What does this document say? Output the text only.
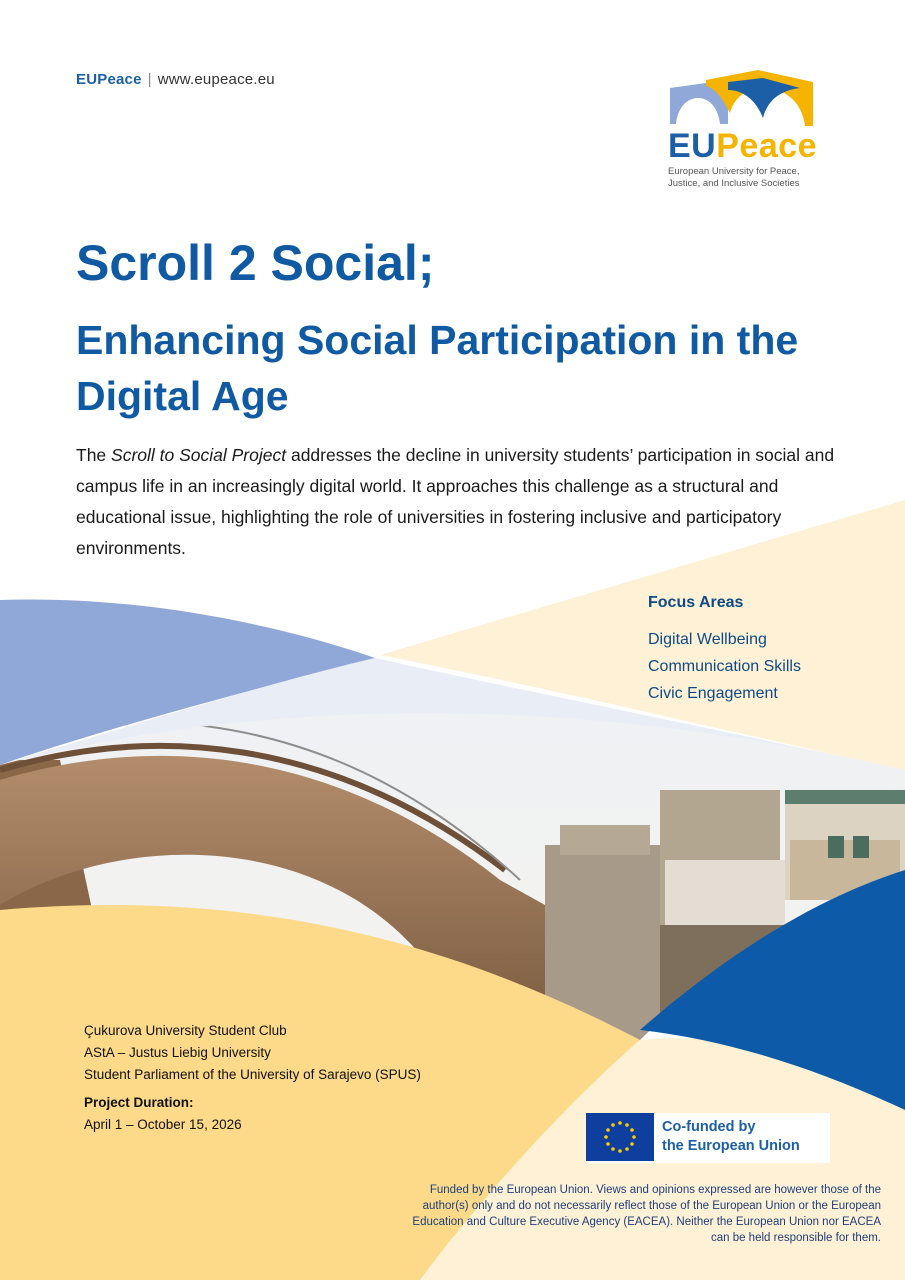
EUPeace | www.eupeace.eu
EUPeace
European University for Peace,
Justice, and Inclusive Societies
Scroll 2 Social;
Enhancing Social Participation in the Digital Age
The Scroll to Social Project addresses the decline in university students’ participation in social and campus life in an increasingly digital world. It approaches this challenge as a structural and educational issue, highlighting the role of universities in fostering inclusive and participatory environments.
Focus Areas
Digital Wellbeing
Communication Skills
Civic Engagement
Çukurova University Student Club
AStA – Justus Liebig University
Student Parliament of the University of Sarajevo (SPUS)
Project Duration:
April 1 – October 15, 2026	Co-funded by
the European Union
Funded by the European Union. Views and opinions expressed are however those of the author(s) only and do not necessarily reflect those of the European Union or the European Education and Culture Executive Agency (EACEA). Neither the European Union nor EACEA can be held responsible for them.
